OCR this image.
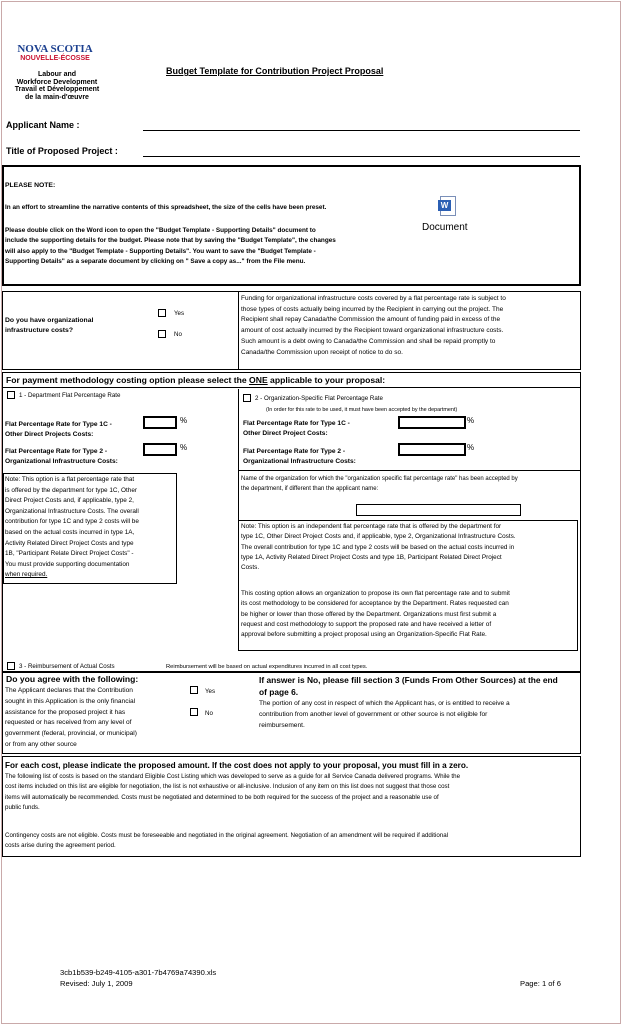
NOVA SCOTIA
NOUVELLE-ÉCOSSE
Labour and
Workforce Development
Travail et Développement
de la main-d'œuvre
Budget Template for Contribution Project Proposal
Applicant Name :
Title of Proposed Project :
PLEASE NOTE:
In an effort to streamline the narrative contents of this spreadsheet, the size of the cells have been preset.
Please double click on the Word icon to open the "Budget Template - Supporting Details" document to
include the supporting details for the budget. Please note that by saving the "Budget Template", the changes
will also apply to the "Budget Template - Supporting Details". You want to save the "Budget Template -
Supporting Details" as a separate document by clicking on " Save a copy as..." from the File menu.
W
Document
Do you have organizational
infrastructure costs?
Yes
No
Funding for organizational infrastructure costs covered by a flat percentage rate is subject to
those types of costs actually being incurred by the Recipient in carrying out the project. The
Recipient shall repay Canada/the Commission the amount of funding paid in excess of the
amount of cost actually incurred by the Recipient toward organizational infrastructure costs.
Such amount is a debt owing to Canada/the Commission and shall be repaid promptly to
Canada/the Commission upon receipt of notice to do so.
For payment methodology costing option please select the ONE applicable to your proposal:
1 - Department Flat Percentage Rate	2 - Organization-Specific Flat Percentage Rate
(In order for this rate to be used, it must have been accepted by the department)
Flat Percentage Rate for Type 1C -
Other Direct Projects Costs:
%
Flat Percentage Rate for Type 2 -
Organizational Infrastructure Costs:
%
Note: This option is a flat percentage rate that
is offered by the department for type 1C, Other
Direct Project Costs and, if applicable, type 2,
Organizational Infrastructure Costs. The overall
contribution for type 1C and type 2 costs will be
based on the actual costs incurred in type 1A,
Activity Related Direct Project Costs and type
1B, "Participant Relate Direct Project Costs" -
You must provide supporting documentation
when required.
Flat Percentage Rate for Type 1C -
Other Direct Project Costs:
%
Flat Percentage Rate for Type 2 -
Organizational Infrastructure Costs:
%
Name of the organization for which the "organization specific flat percentage rate" has been accepted by
the department, if different than the applicant name:
Note: This option is an independent flat percentage rate that is offered by the department for
type 1C, Other Direct Project Costs and, if applicable, type 2, Organizational Infrastructure Costs.
The overall contribution for type 1C and type 2 costs will be based on the actual costs incurred in
type 1A, Activity Related Direct Project Costs and type 1B, Participant Related Direct Project
Costs.
This costing option allows an organization to propose its own flat percentage rate and to submit
its cost methodology to be considered for acceptance by the Department. Rates requested can
be higher or lower than those offered by the Department. Organizations must first submit a
request and cost methodology to support the proposed rate and have received a letter of
approval before submitting a project proposal using an Organization-Specific Flat Rate.
3 - Reimbursement of Actual Costs	Reimbursement will be based on actual expenditures incurred in all cost types.
Do you agree with the following:
The Applicant declares that the Contribution
sought in this Application is the only financial
assistance for the proposed project it has
requested or has received from any level of
government (federal, provincial, or municipal)
or from any other source
Yes
No
If answer is No, please fill section 3 (Funds From Other Sources) at the end
of page 6.
The portion of any cost in respect of which the Applicant has, or is entitled to receive a
contribution from another level of government or other source is not eligible for
reimbursement.
For each cost, please indicate the proposed amount. If the cost does not apply to your proposal, you must fill in a zero.
The following list of costs is based on the standard Eligible Cost Listing which was developed to serve as a guide for all Service Canada delivered programs. While the
cost items included on this list are eligible for negotiation, the list is not exhaustive or all-inclusive. Inclusion of any item on this list does not suggest that those cost
items will automatically be recommended. Costs must be negotiated and determined to be both required for the success of the project and a reasonable use of
public funds.
Contingency costs are not eligible. Costs must be foreseeable and negotiated in the original agreement. Negotiation of an amendment will be required if additional
costs arise during the agreement period.
3cb1b539-b249-4105-a301-7b4769a74390.xls
Revised: July 1, 2009	Page: 1 of 6
